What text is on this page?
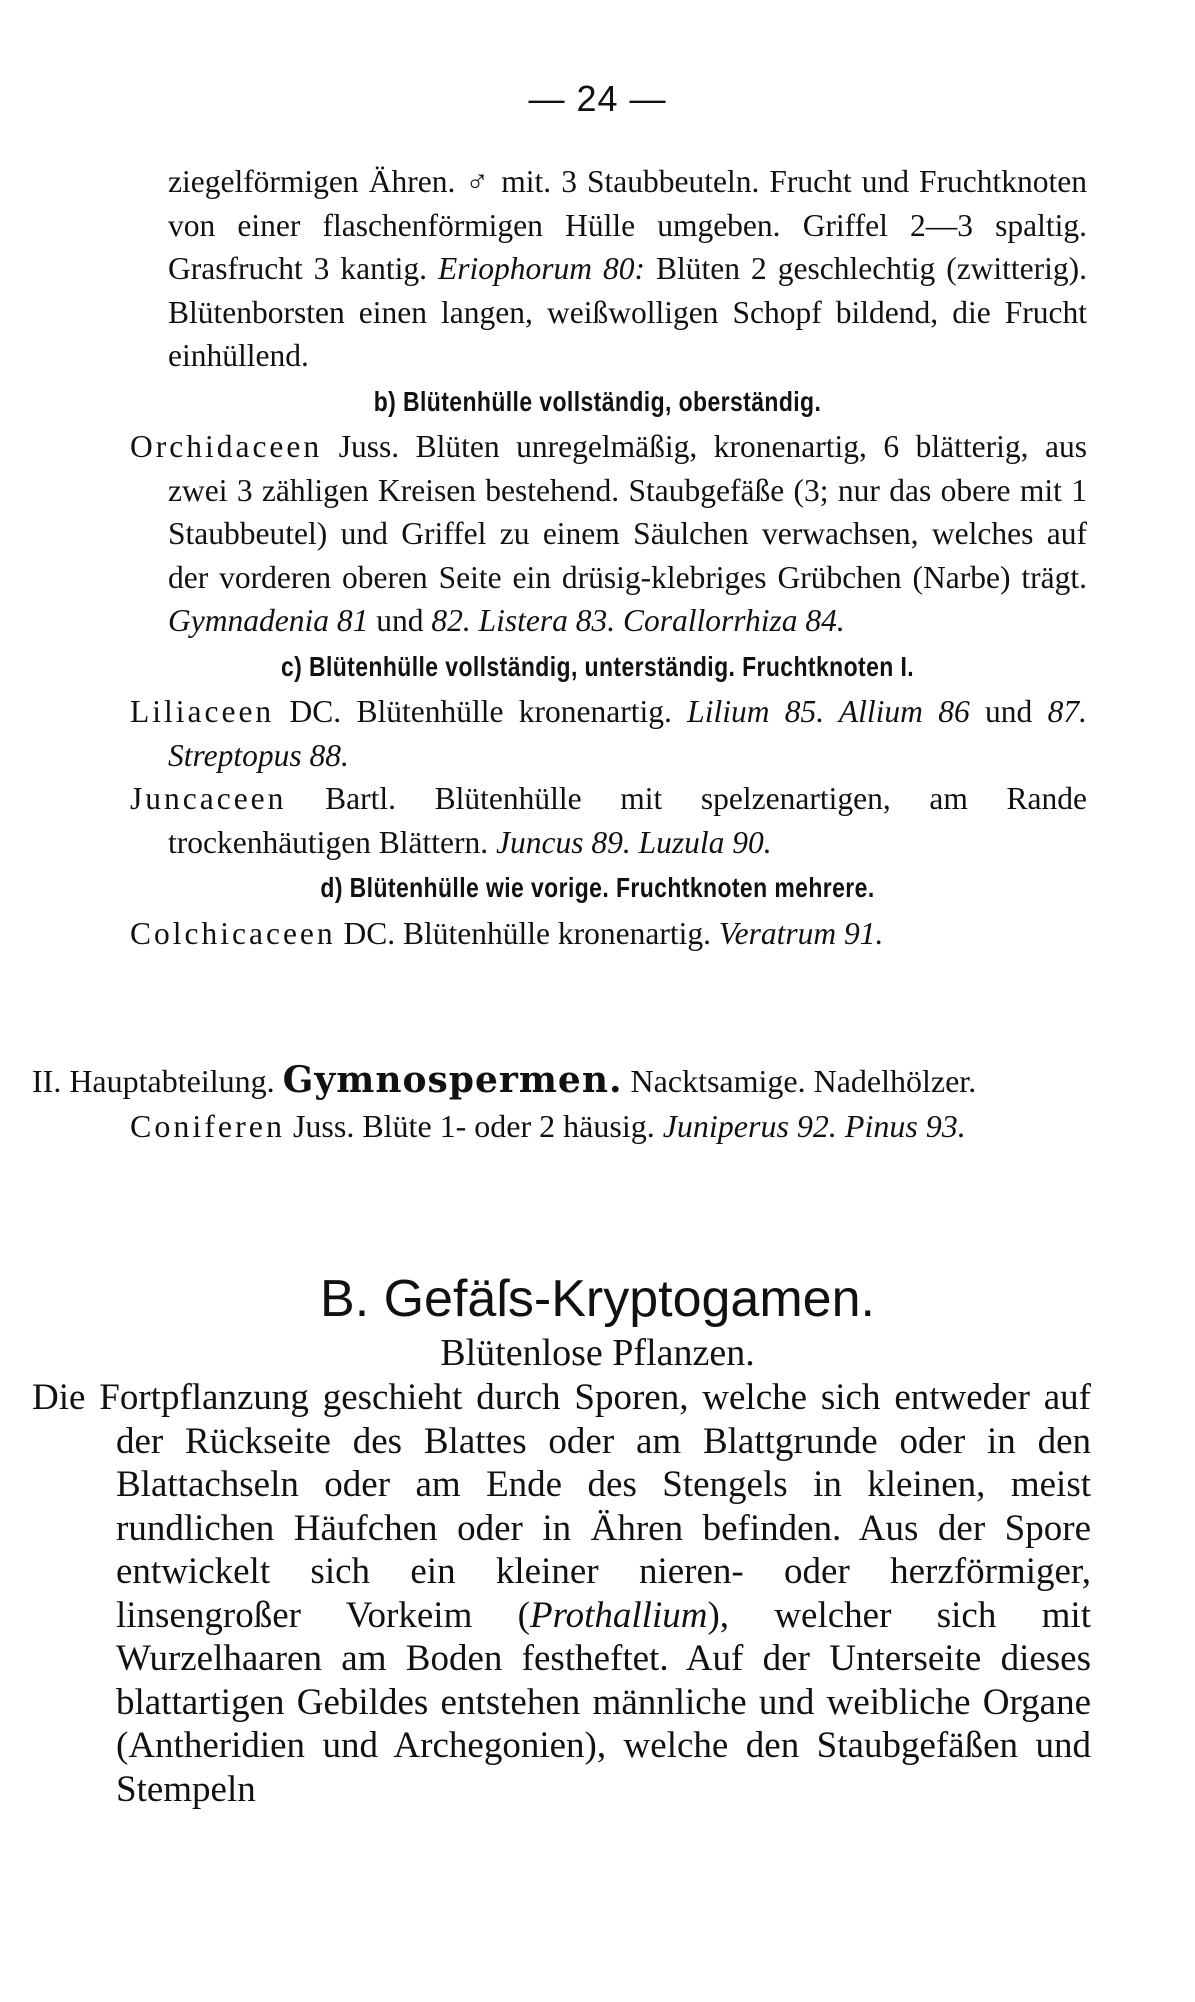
— 24 —

ziegelförmigen Ähren. ♂ mit. 3 Staubbeuteln. Frucht und Fruchtknoten von einer flaschenförmigen Hülle umgeben. Griffel 2—3 spaltig. Grasfrucht 3 kantig. Eriophorum 80: Blüten 2 geschlechtig (zwitterig). Blütenborsten einen langen, weißwolligen Schopf bildend, die Frucht einhüllend.

b) Blütenhülle vollständig, oberständig.

Orchidaceen Juss. Blüten unregelmäßig, kronenartig, 6 blätterig, aus zwei 3 zähligen Kreisen bestehend. Staubgefäße (3; nur das obere mit 1 Staubbeutel) und Griffel zu einem Säulchen verwachsen, welches auf der vorderen oberen Seite ein drüsig-klebriges Grübchen (Narbe) trägt. Gymnadenia 81 und 82. Listera 83. Corallorrhiza 84.

c) Blütenhülle vollständig, unterständig. Fruchtknoten I.

Liliaceen DC. Blütenhülle kronenartig. Lilium 85. Allium 86 und 87. Streptopus 88.

Juncaceen Bartl. Blütenhülle mit spelzenartigen, am Rande trockenhäutigen Blättern. Juncus 89. Luzula 90.

d) Blütenhülle wie vorige. Fruchtknoten mehrere.

Colchicaceen DC. Blütenhülle kronenartig. Veratrum 91.

II. Hauptabteilung. Gymnospermen. Nacktsamige. Nadelhölzer.

Coniferen Juss. Blüte 1- oder 2 häusig. Juniperus 92. Pinus 93.

B. Gefäſs-Kryptogamen.

Blütenlose Pflanzen.

Die Fortpflanzung geschieht durch Sporen, welche sich entweder auf der Rückseite des Blattes oder am Blattgrunde oder in den Blattachseln oder am Ende des Stengels in kleinen, meist rundlichen Häufchen oder in Ähren befinden. Aus der Spore entwickelt sich ein kleiner nieren- oder herzförmiger, linsengroßer Vorkeim (Prothallium), welcher sich mit Wurzelhaaren am Boden festheftet. Auf der Unterseite dieses blattartigen Gebildes entstehen männliche und weibliche Organe (Antheridien und Archegonien), welche den Staubgefäßen und Stempeln
